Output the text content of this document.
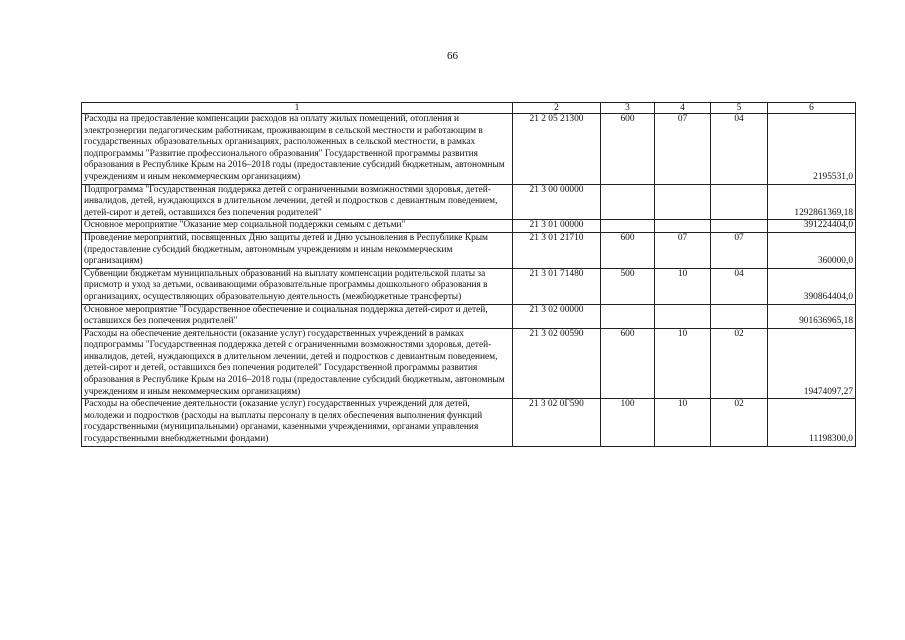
66
1	2	3	4	5	6
Расходы на предоставление компенсации расходов на оплату жилых помещений, отопления и электроэнергии педагогическим работникам, проживающим в сельской местности и работающим в государственных образовательных организациях, расположенных в сельской местности, в рамках подпрограммы "Развитие профессионального образования" Государственной программы развития образования в Республике Крым на 2016–2018 годы (предоставление субсидий бюджетным, автономным учреждениям и иным некоммерческим организациям)	21 2 05 21300	600	07	04	2195531,0
Подпрограмма "Государственная поддержка детей с ограниченными возможностями здоровья, детей-инвалидов, детей, нуждающихся в длительном лечении, детей и подростков с девиантным поведением, детей-сирот и детей, оставшихся без попечения родителей"	21 3 00 00000				1292861369,18
Основное мероприятие "Оказание мер социальной поддержки семьям с детьми"	21 3 01 00000				391224404,0
Проведение мероприятий, посвященных Дню защиты детей и Дню усыновления в Республике Крым (предоставление субсидий бюджетным, автономным учреждениям и иным некоммерческим организациям)	21 3 01 21710	600	07	07	360000,0
Субвенции бюджетам муниципальных образований на выплату компенсации родительской платы за присмотр и уход за детьми, осваивающими образовательные программы дошкольного образования в организациях, осуществляющих образовательную деятельность (межбюджетные трансферты)	21 3 01 71480	500	10	04	390864404,0
Основное мероприятие "Государственное обеспечение и социальная поддержка детей-сирот и детей, оставшихся без попечения родителей"	21 3 02 00000				901636965,18
Расходы на обеспечение деятельности (оказание услуг) государственных учреждений в рамках подпрограммы "Государственная поддержка детей с ограниченными возможностями здоровья, детей-инвалидов, детей, нуждающихся в длительном лечении, детей и подростков с девиантным поведением, детей-сирот и детей, оставшихся без попечения родителей" Государственной программы развития образования в Республике Крым на 2016–2018 годы (предоставление субсидий бюджетным, автономным учреждениям и иным некоммерческим организациям)	21 3 02 00590	600	10	02	19474097,27
Расходы на обеспечение деятельности (оказание услуг) государственных учреждений для детей, молодежи и подростков (расходы на выплаты персоналу в целях обеспечения выполнения функций государственными (муниципальными) органами, казенными учреждениями, органами управления государственными внебюджетными фондами)	21 3 02 0Г590	100	10	02	11198300,0
